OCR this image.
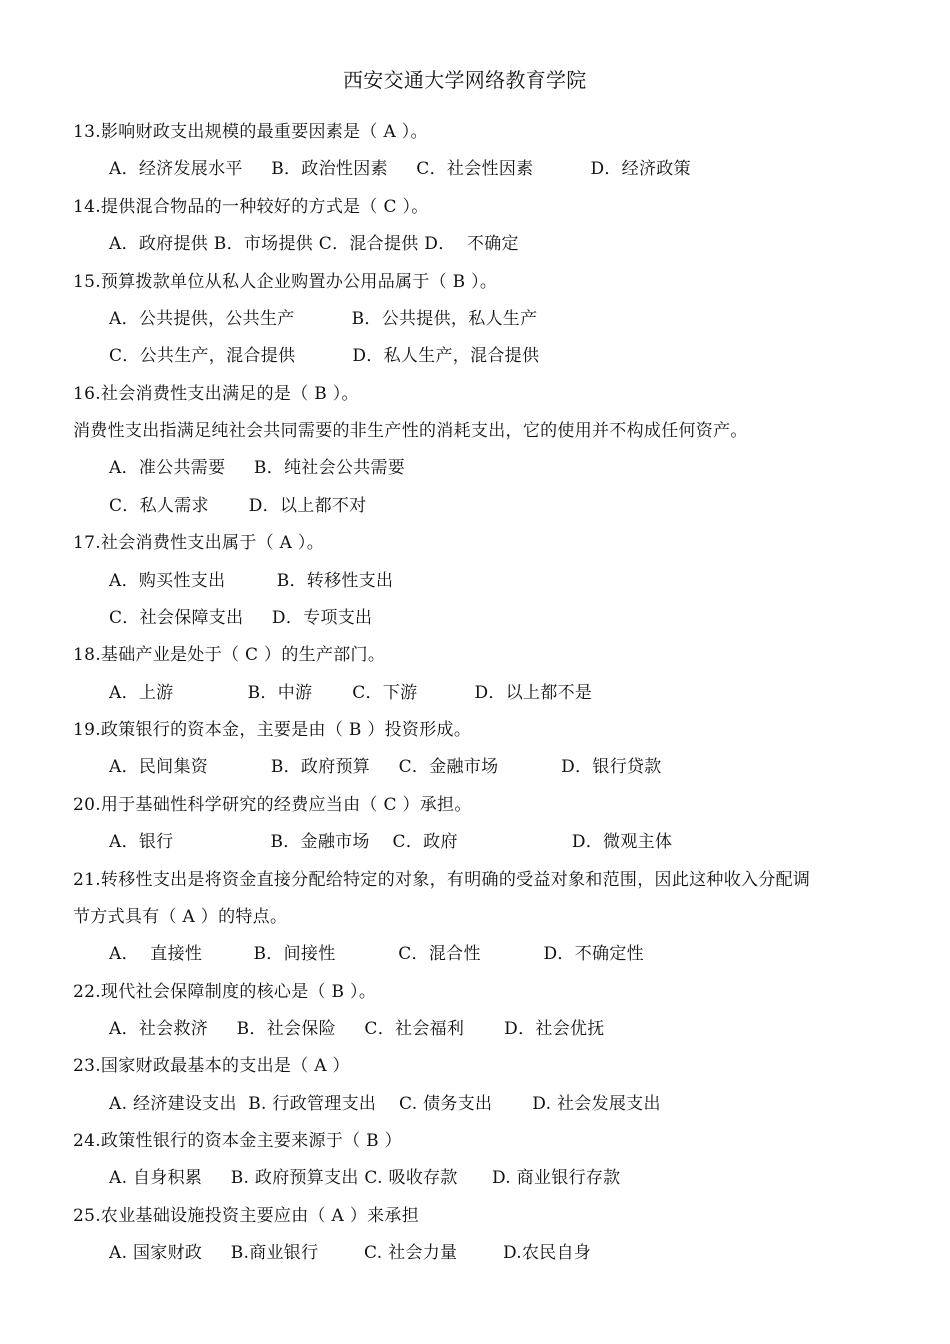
西安交通大学网络教育学院
13.影响财政支出规模的最重要因素是（ A ）。
A．经济发展水平     B．政治性因素     C．社会性因素          D．经济政策
14.提供混合物品的一种较好的方式是（ C ）。
A．政府提供 B．市场提供 C．混合提供 D．  不确定
15.预算拨款单位从私人企业购置办公用品属于（ B ）。
A．公共提供，公共生产          B．公共提供，私人生产
C．公共生产，混合提供          D．私人生产，混合提供
16.社会消费性支出满足的是（ B ）。
消费性支出指满足纯社会共同需要的非生产性的消耗支出，它的使用并不构成任何资产。
A．准公共需要     B．纯社会公共需要
C．私人需求       D．以上都不对
17.社会消费性支出属于（ A ）。
A．购买性支出         B．转移性支出
C．社会保障支出     D．专项支出
18.基础产业是处于（ C ）的生产部门。
A．上游             B．中游       C．下游          D．以上都不是
19.政策银行的资本金，主要是由（ B ）投资形成。
A．民间集资           B．政府预算     C．金融市场           D．银行贷款
20.用于基础性科学研究的经费应当由（ C ）承担。
A．银行                 B．金融市场    C．政府                    D．微观主体
21.转移性支出是将资金直接分配给特定的对象，有明确的受益对象和范围，因此这种收入分配调
节方式具有（ A ）的特点。
A．  直接性         B．间接性           C．混合性           D．不确定性
22.现代社会保障制度的核心是（ B ）。
A．社会救济     B．社会保险     C．社会福利       D．社会优抚
23.国家财政最基本的支出是（ A ）
A. 经济建设支出  B. 行政管理支出    C. 债务支出       D. 社会发展支出
24.政策性银行的资本金主要来源于（ B ）
A. 自身积累     B. 政府预算支出 C. 吸收存款      D. 商业银行存款
25.农业基础设施投资主要应由（ A ）来承担
A. 国家财政     B.商业银行        C. 社会力量        D.农民自身
